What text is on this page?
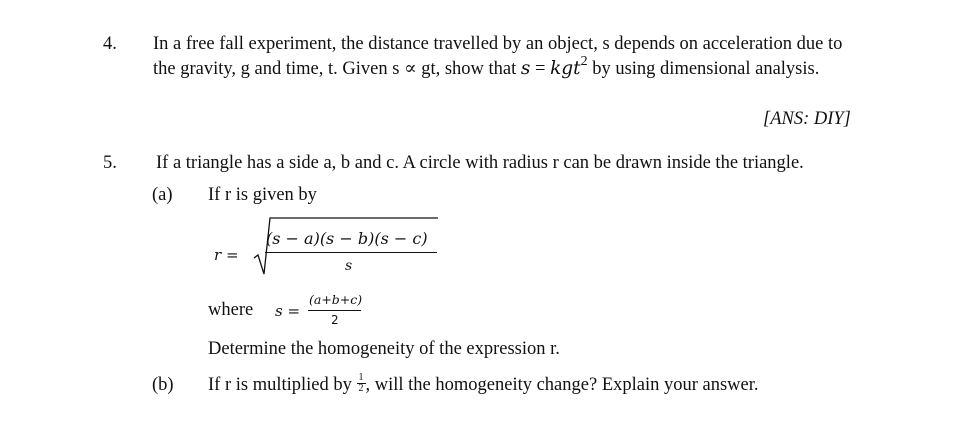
4. In a free fall experiment, the distance travelled by an object, s depends on acceleration due to
the gravity, g and time, t. Given s ∝ gt, show that s = kgt$^2$ by using dimensional analysis.
[ANS: DIY]
5. If a triangle has a side a, b and c. A circle with radius r can be drawn inside the triangle.
(a) If r is given by
r =
(s − a)(s − b)(s − c)
s
where s =
(a+b+c)
2
Determine the homogeneity of the expression r.
(b) If r is multiplied by $\frac{1}{2}$ , will the homogeneity change? Explain your answer.
